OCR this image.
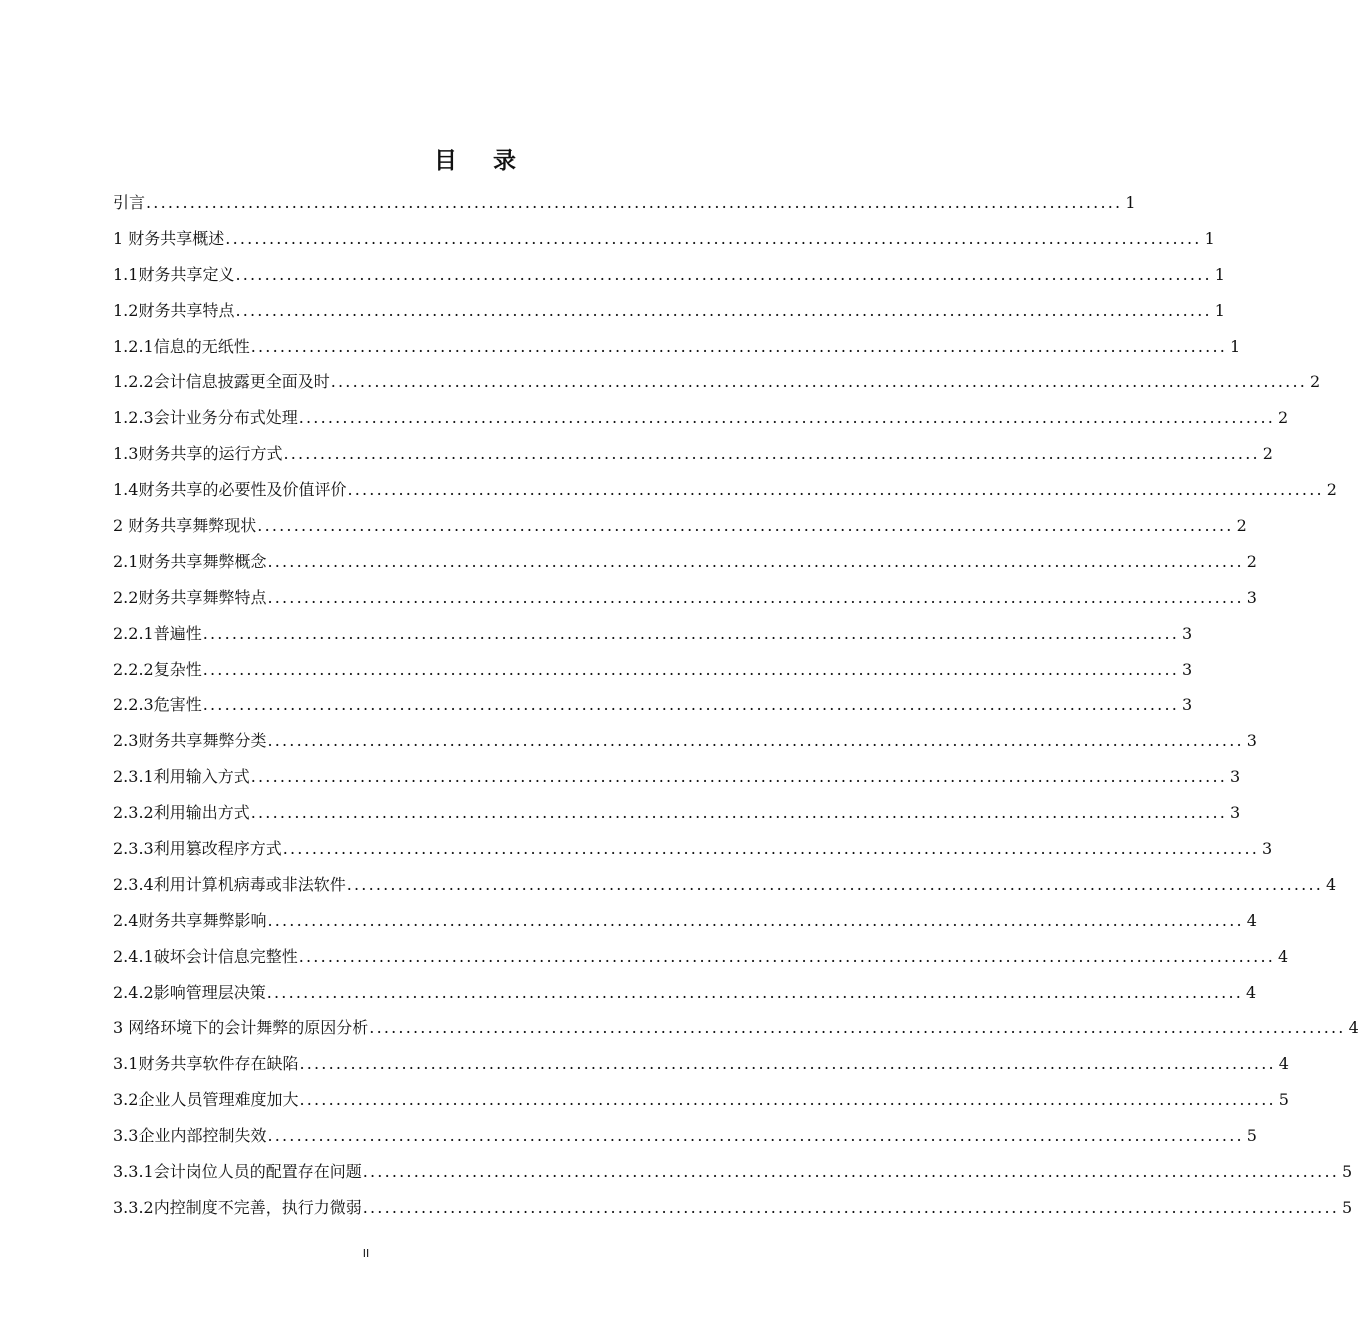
目 录
引言 ...................................................................................................................................... 1
1 财务共享概述 ...................................................................................................................................... 1
1.1财务共享定义 ...................................................................................................................................... 1
1.2财务共享特点 ...................................................................................................................................... 1
1.2.1信息的无纸性 ...................................................................................................................................... 1
1.2.2会计信息披露更全面及时 ...................................................................................................................................... 2
1.2.3会计业务分布式处理 ...................................................................................................................................... 2
1.3财务共享的运行方式 ...................................................................................................................................... 2
1.4财务共享的必要性及价值评价 ...................................................................................................................................... 2
2 财务共享舞弊现状 ...................................................................................................................................... 2
2.1财务共享舞弊概念 ...................................................................................................................................... 2
2.2财务共享舞弊特点 ...................................................................................................................................... 3
2.2.1普遍性 ...................................................................................................................................... 3
2.2.2复杂性 ...................................................................................................................................... 3
2.2.3危害性 ...................................................................................................................................... 3
2.3财务共享舞弊分类 ...................................................................................................................................... 3
2.3.1利用输入方式 ...................................................................................................................................... 3
2.3.2利用输出方式 ...................................................................................................................................... 3
2.3.3利用篡改程序方式 ...................................................................................................................................... 3
2.3.4利用计算机病毒或非法软件 ...................................................................................................................................... 4
2.4财务共享舞弊影响 ...................................................................................................................................... 4
2.4.1破坏会计信息完整性 ...................................................................................................................................... 4
2.4.2影响管理层决策 ...................................................................................................................................... 4
3 网络环境下的会计舞弊的原因分析 ...................................................................................................................................... 4
3.1财务共享软件存在缺陷 ...................................................................................................................................... 4
3.2企业人员管理难度加大 ...................................................................................................................................... 5
3.3企业内部控制失效 ...................................................................................................................................... 5
3.3.1会计岗位人员的配置存在问题 ...................................................................................................................................... 5
3.3.2内控制度不完善，执行力微弱 ...................................................................................................................................... 5
II
